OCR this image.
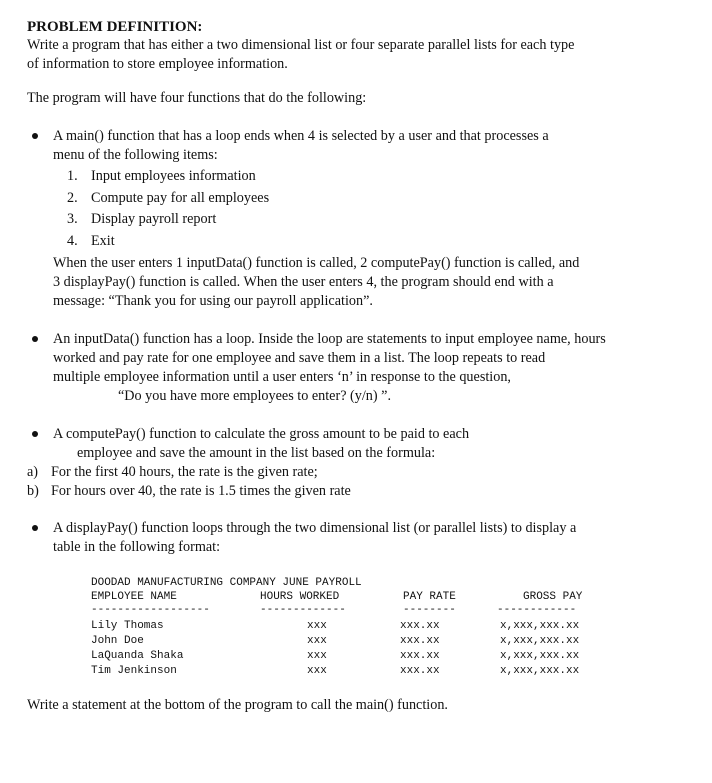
PROBLEM DEFINITION:

Write a program that has either a two dimensional list or four separate parallel lists for each type

of information to store employee information.

The program will have four functions that do the following:

A main() function that has a loop ends when 4 is selected by a user and that processes a

menu of the following items:

1. Input employees information
2. Compute pay for all employees
3. Display payroll report
4. Exit

When the user enters 1 inputData() function is called, 2 computePay() function is called, and

3 displayPay() function is called. When the user enters 4, the program should end with a

message: “Thank you for using our payroll application”.

An inputData() function has a loop. Inside the loop are statements to input employee name, hours

worked and pay rate for one employee and save them in a list. The loop repeats to read

multiple employee information until a user enters ‘n’ in response to the question,

“Do you have more employees to enter? (y/n) ”.

A computePay() function to calculate the gross amount to be paid to each

employee and save the amount in the list based on the formula:

a) For the first 40 hours, the rate is the given rate;

b) For hours over 40, the rate is 1.5 times the given rate

A displayPay() function loops through the two dimensional list (or parallel lists) to display a

table in the following format:

DOODAD MANUFACTURING COMPANY JUNE PAYROLL
EMPLOYEE NAME	HOURS WORKED	PAY RATE	GROSS PAY
------------------	-------------	--------	------------
Lily Thomas	xxx	xxx.xx	x,xxx,xxx.xx
John Doe	xxx	xxx.xx	x,xxx,xxx.xx
LaQuanda Shaka	xxx	xxx.xx	x,xxx,xxx.xx
Tim Jenkinson	xxx	xxx.xx	x,xxx,xxx.xx

Write a statement at the bottom of the program to call the main() function.
